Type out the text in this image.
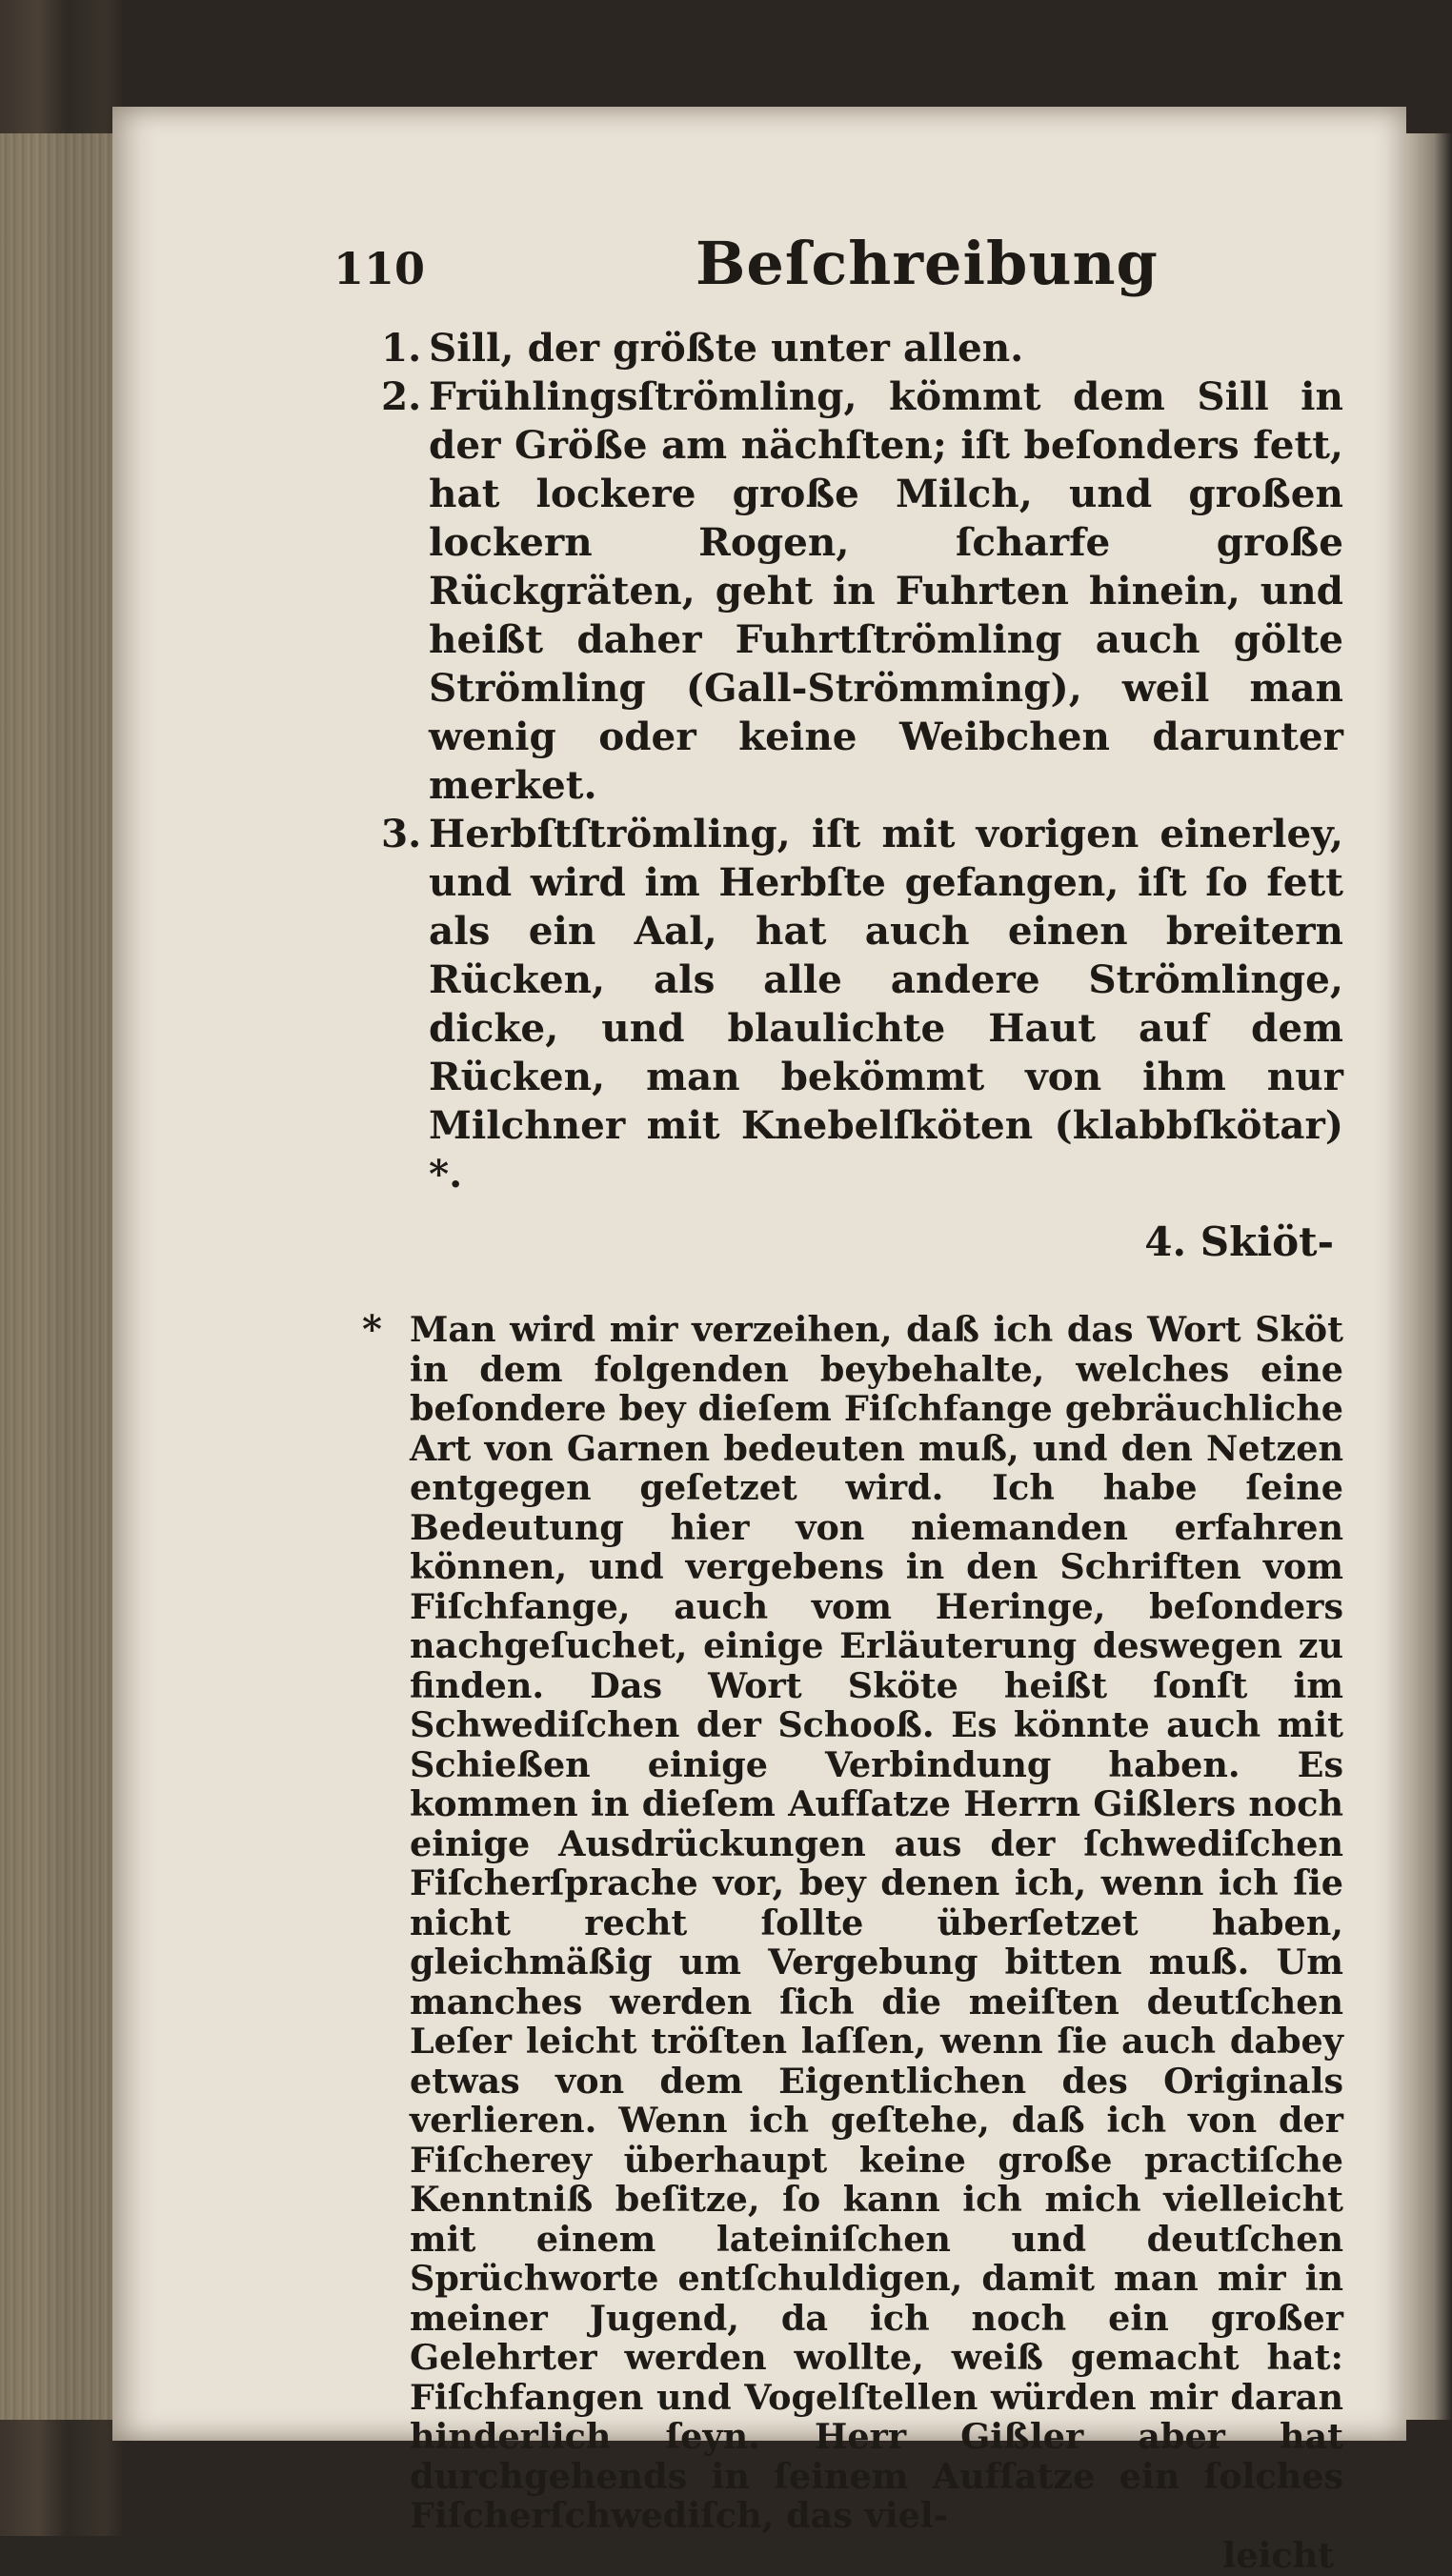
110	Beſchreibung
1. Sill, der größte unter allen.

2. Frühlingsſtrömling, kömmt dem Sill in der Größe am nächſten; iſt beſonders fett, hat lockere große Milch, und großen lockern Rogen, ſcharfe große Rückgräten, geht in Fuhrten hinein, und heißt daher Fuhrtſtrömling auch gölte Strömling (Gall-Strömming), weil man wenig oder keine Weibchen darunter merket.

3. Herbſtſtrömling, iſt mit vorigen einerley, und wird im Herbſte gefangen, iſt ſo fett als ein Aal, hat auch einen breitern Rücken, als alle andere Strömlinge, dicke, und blaulichte Haut auf dem Rücken, man bekömmt von ihm nur Milchner mit Knebelſköten (klabbſkötar) *.

4. Skiöt-
* Man wird mir verzeihen, daß ich das Wort Sköt in dem folgenden beybehalte, welches eine beſondere bey dieſem Fiſchfange gebräuchliche Art von Garnen bedeuten muß, und den Netzen entgegen geſetzet wird. Ich habe ſeine Bedeutung hier von niemanden erfahren können, und vergebens in den Schriften vom Fiſchfange, auch vom Heringe, beſonders nachgeſuchet, einige Erläuterung deswegen zu finden. Das Wort Sköte heißt ſonſt im Schwediſchen der Schooß. Es könnte auch mit Schießen einige Verbindung haben. Es kommen in dieſem Aufſatze Herrn Gißlers noch einige Ausdrückungen aus der ſchwediſchen Fiſcherſprache vor, bey denen ich, wenn ich ſie nicht recht ſollte überſetzet haben, gleichmäßig um Vergebung bitten muß. Um manches werden ſich die meiſten deutſchen Leſer leicht tröſten laſſen, wenn ſie auch dabey etwas von dem Eigentlichen des Originals verlieren. Wenn ich geſtehe, daß ich von der Fiſcherey überhaupt keine große practiſche Kenntniß beſitze, ſo kann ich mich vielleicht mit einem lateiniſchen und deutſchen Sprüchworte entſchuldigen, damit man mir in meiner Jugend, da ich noch ein großer Gelehrter werden wollte, weiß gemacht hat: Fiſchfangen und Vogelſtellen würden mir daran hinderlich ſeyn. Herr Gißler aber hat durchgehends in ſeinem Aufſatze ein ſolches Fiſcherſchwediſch, das viel-

leicht
